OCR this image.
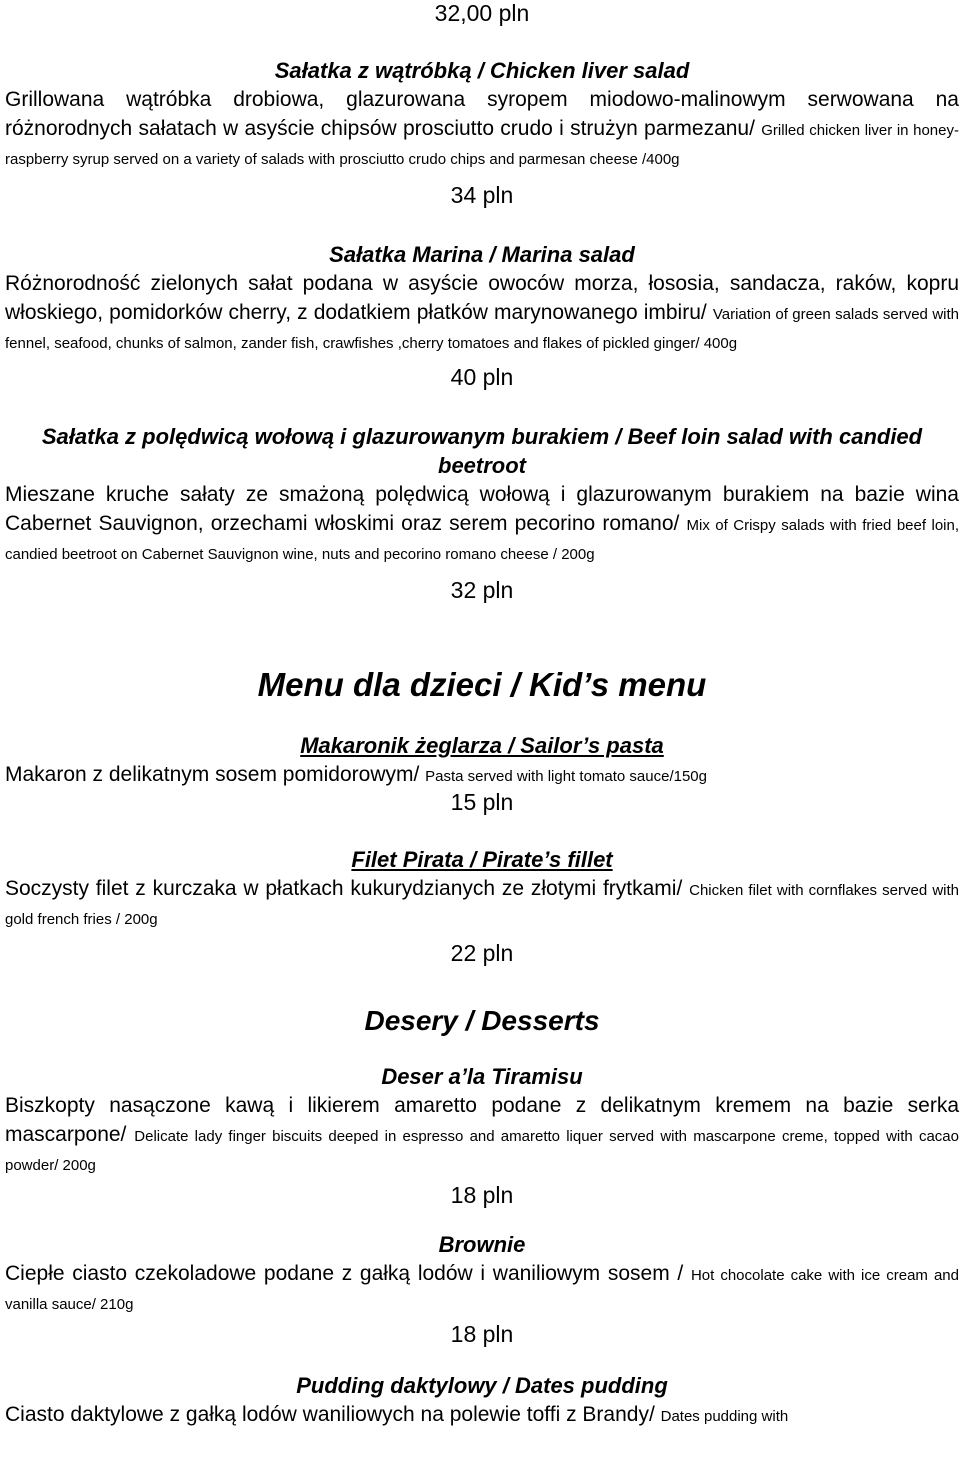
32,00 pln
Sałatka z wątróbką / Chicken liver salad
Grillowana wątróbka drobiowa, glazurowana syropem miodowo-malinowym serwowana na różnorodnych sałatach w asyście chipsów prosciutto crudo i strużyn parmezanu/ Grilled chicken liver in honey- raspberry syrup served on a variety of salads with prosciutto crudo chips and parmesan cheese /400g
34 pln
Sałatka Marina / Marina salad
Różnorodność zielonych sałat podana w asyście owoców morza, łososia, sandacza, raków, kopru włoskiego, pomidorków cherry, z dodatkiem płatków marynowanego imbiru/ Variation of green salads served with fennel, seafood, chunks of salmon, zander fish, crawfishes ,cherry tomatoes and flakes of pickled ginger/ 400g
40 pln
Sałatka z polędwicą wołową i glazurowanym burakiem / Beef loin salad with candied beetroot
Mieszane kruche sałaty ze smażoną polędwicą wołową i glazurowanym burakiem na bazie wina Cabernet Sauvignon, orzechami włoskimi oraz serem pecorino romano/ Mix of Crispy salads with fried beef loin, candied beetroot on Cabernet Sauvignon wine, nuts and pecorino romano cheese / 200g
32 pln
Menu dla dzieci / Kid’s menu
Makaronik żeglarza / Sailor’s pasta
Makaron z delikatnym sosem pomidorowym/ Pasta served with light tomato sauce/150g
15 pln
Filet Pirata / Pirate’s fillet
Soczysty filet z kurczaka w płatkach kukurydzianych ze złotymi frytkami/ Chicken filet with cornflakes served with gold french fries / 200g
22 pln
Desery / Desserts
Deser a’la Tiramisu
Biszkopty nasączone kawą i likierem amaretto podane z delikatnym kremem na bazie serka mascarpone/ Delicate lady finger biscuits deeped in espresso and amaretto liquer served with mascarpone creme, topped with cacao powder/ 200g
18 pln
Brownie
Ciepłe ciasto czekoladowe podane z gałką lodów i waniliowym sosem / Hot chocolate cake with ice cream and vanilla sauce/ 210g
18 pln
Pudding daktylowy / Dates pudding
Ciasto daktylowe z gałką lodów waniliowych na polewie toffi z Brandy/ Dates pudding with
